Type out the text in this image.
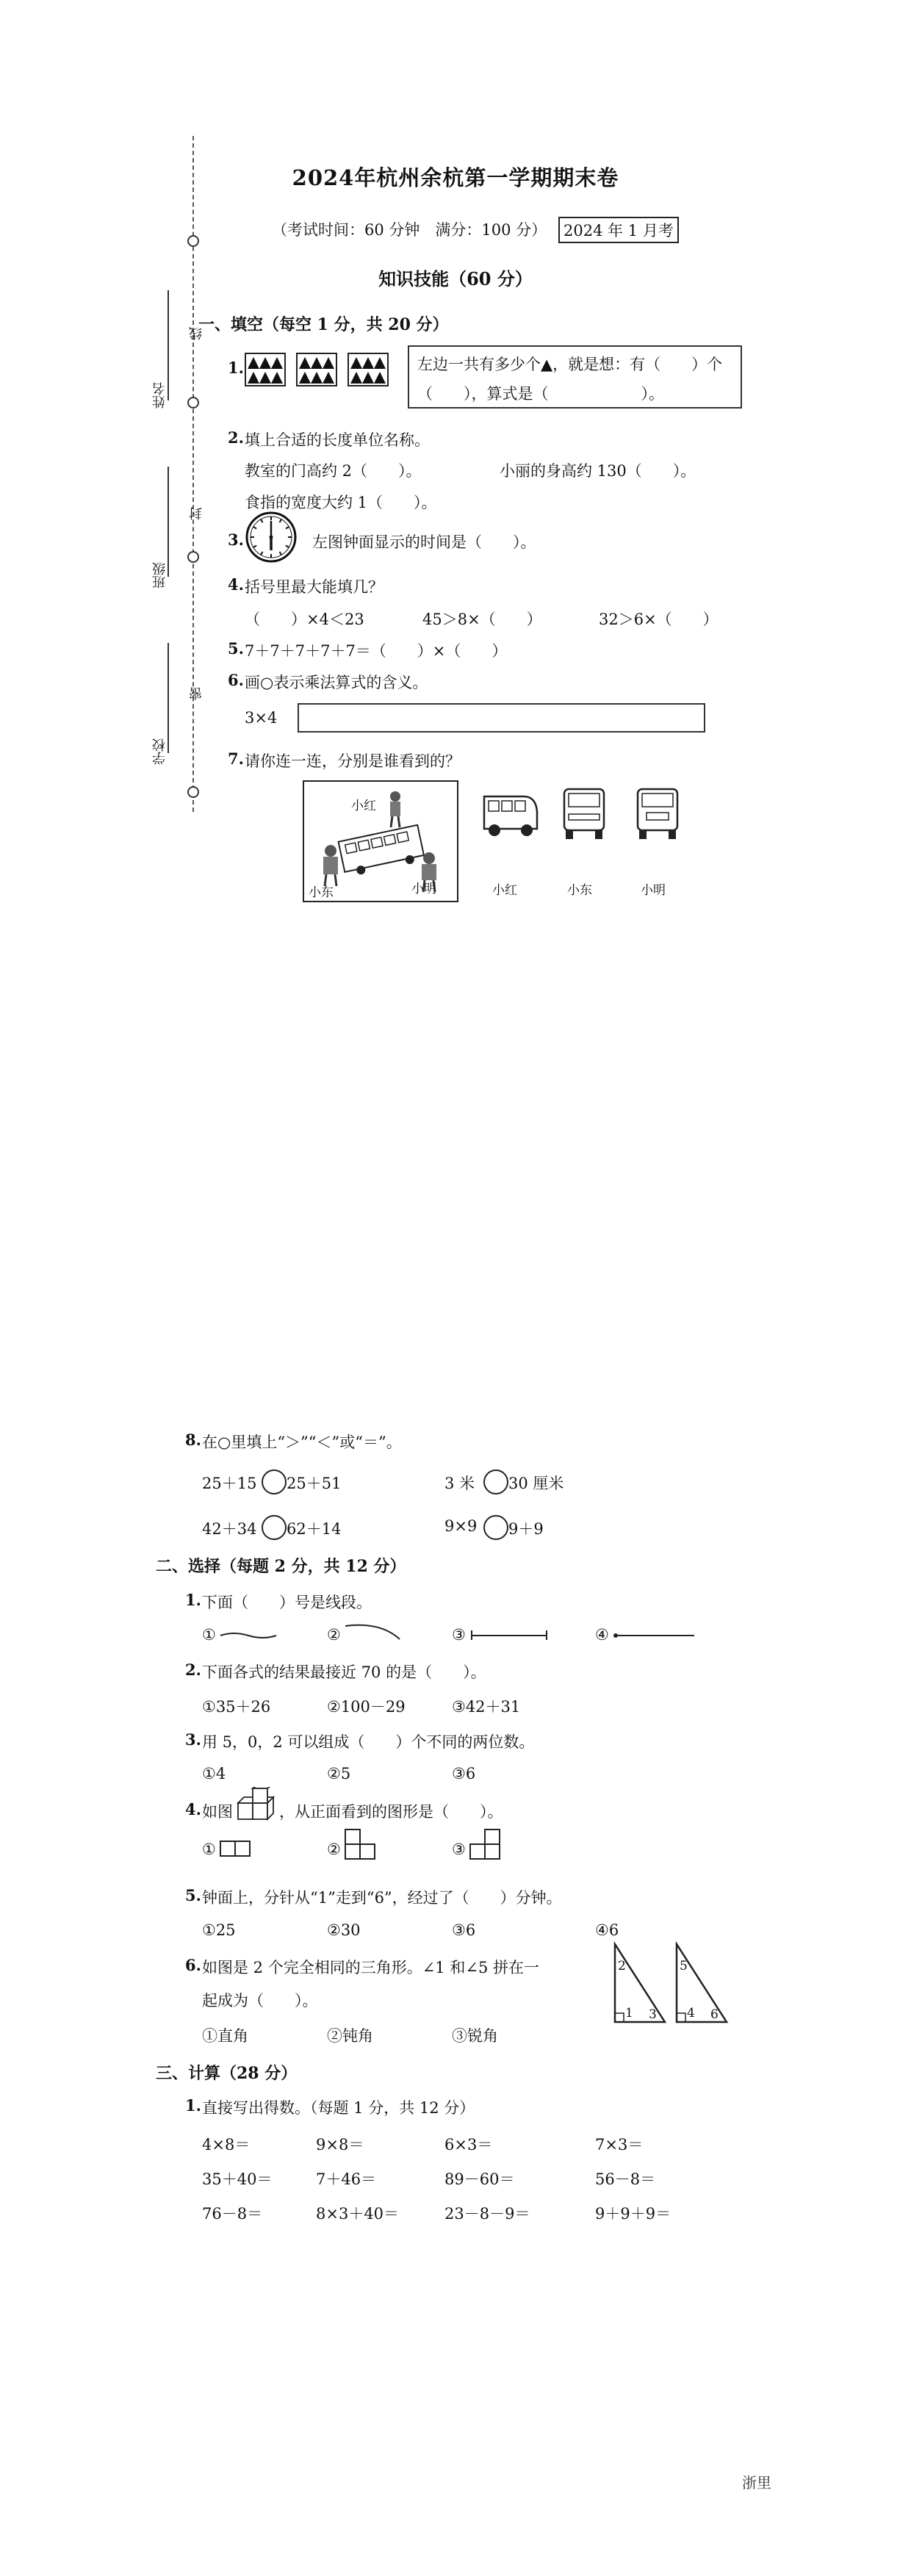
线
封
密
姓名
班级
学校
2024年杭州余杭第一学期期末卷
（考试时间：60 分钟　满分：100 分）	2024 年 1 月考
知识技能（60 分）
一、填空（每空 1 分，共 20 分）
1.	左边一共有多少个▲，就是想：有（　　）个
（　　），算式是（　　　　　　）。
2. 填上合适的长度单位名称。
教室的门高约 2（　　）。	小丽的身高约 130（　　）。
食指的宽度大约 1（　　）。
3.	左图钟面显示的时间是（　　）。
4. 括号里最大能填几？
（　　）×4＜23	45＞8×（　　）	32＞6×（　　）
5. 7＋7＋7＋7＋7＝（　　）×（　　）
6. 画○表示乘法算式的含义。
3×4
7. 请你连一连，分别是谁看到的？
小红
小东	小明	小红	小东	小明
8. 在○里填上“＞”“＜”或“＝”。
25＋15 25＋51	3 米 30 厘米
42＋34 62＋14	9×9 9＋9
二、选择（每题 2 分，共 12 分）
1. 下面（　　）号是线段。
①	②	③	④
2. 下面各式的结果最接近 70 的是（　　）。
①35＋26	②100－29	③42＋31
3. 用 5，0，2 可以组成（　　）个不同的两位数。
①4	②5	③6
4. 如图	，从正面看到的图形是（　　）。
①	②	③
5. 钟面上，分针从“1”走到“6”，经过了（　　）分钟。
①25	②30	③6	④6
6. 如图是 2 个完全相同的三角形。∠1 和∠5 拼在一
起成为（　　）。
2
1 3
5
4 6
①直角	②钝角	③锐角
三、计算（28 分）
1. 直接写出得数。（每题 1 分，共 12 分）
4×8＝	9×8＝	6×3＝	7×3＝
35＋40＝	7＋46＝	89－60＝	56－8＝
76－8＝	8×3＋40＝	23－8－9＝	9＋9＋9＝
浙里
